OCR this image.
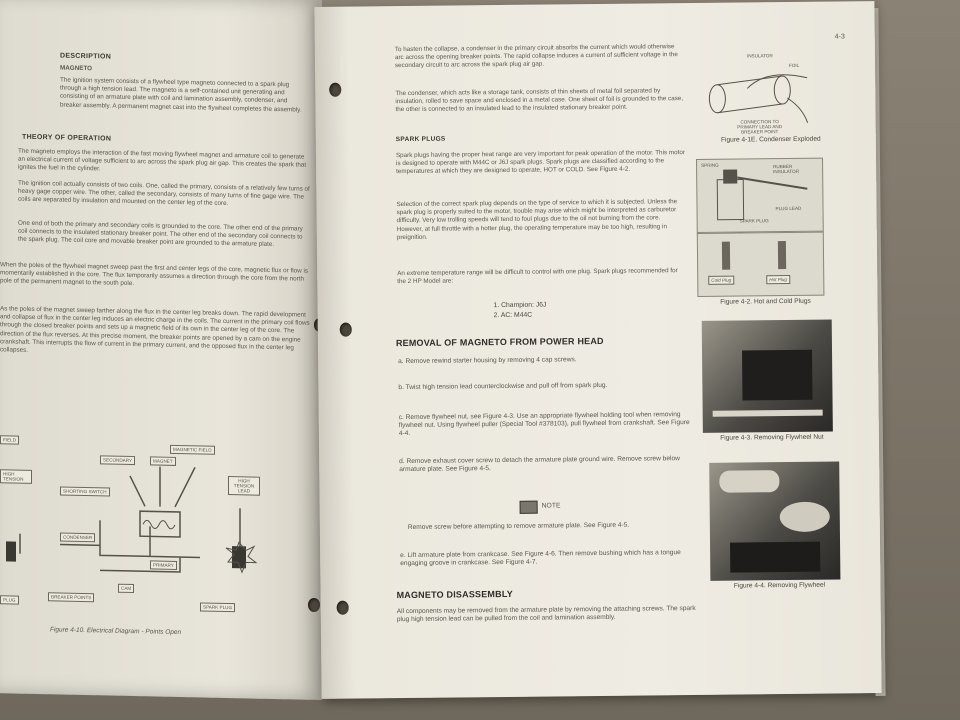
DESCRIPTION
MAGNETO
The ignition system consists of a flywheel type magneto connected to a spark plug through a high tension lead. The magneto is a self-contained unit generating and consisting of an armature plate with coil and lamination assembly, condenser, and breaker assembly. A permanent magnet cast into the flywheel completes the assembly.
THEORY OF OPERATION
The magneto employs the interaction of the fast moving flywheel magnet and armature coil to generate an electrical current of voltage sufficient to arc across the spark plug air gap. This creates the spark that ignites the fuel in the cylinder.
The ignition coil actually consists of two coils. One, called the primary, consists of a relatively few turns of heavy gage copper wire. The other, called the secondary, consists of many turns of fine gage wire. The coils are separated by insulation and mounted on the center leg of the core.
One end of both the primary and secondary coils is grounded to the core. The other end of the primary coil connects to the insulated stationary breaker point. The other end of the secondary coil connects to the spark plug. The coil core and movable breaker point are grounded to the armature plate.
When the poles of the flywheel magnet sweep past the first and center legs of the core, magnetic flux or flow is momentarily established in the core. The flux temporarily assumes a direction through the core from the north pole of the permanent magnet to the south pole.
As the poles of the magnet sweep farther along the flux in the center leg breaks down. The rapid development and collapse of flux in the center leg induces an electric charge in the coils. The current in the primary coil flows through the closed breaker points and sets up a magnetic field of its own in the center leg of the core. The direction of the flux reverses. At this precise moment, the breaker points are opened by a cam on the engine crankshaft. This interrupts the flow of current in the primary current, and the opposed flux in the center leg collapses.
FIELD
HIGH TENSION
SECONDARY	MAGNET
MAGNETIC FIELD
HIGH TENSION LEAD
SHORTING SWITCH
CONDENSER
PRIMARY
CAM
BREAKER POINTS
SPARK PLUG
PLUG
Figure 4-10. Electrical Diagram - Points Open
4-3
To hasten the collapse, a condenser in the primary circuit absorbs the current which would otherwise arc across the opening breaker points. The rapid collapse induces a current of sufficient voltage in the secondary circuit to arc across the spark plug air gap.
The condenser, which acts like a storage tank, consists of thin sheets of metal foil separated by insulation, rolled to save space and enclosed in a metal case. One sheet of foil is grounded to the case, the other is connected to an insulated lead to the insulated stationary breaker point.
SPARK PLUGS
Spark plugs having the proper heat range are very important for peak operation of the motor. This motor is designed to operate with M44C or J6J spark plugs. Spark plugs are classified according to the temperatures at which they are designed to operate, HOT or COLD. See Figure 4-2.
Selection of the correct spark plug depends on the type of service to which it is subjected. Unless the spark plug is properly suited to the motor, trouble may arise which might be interpreted as carburetor difficulty. Very low trolling speeds will tend to foul plugs due to the oil not burning from the core. However, at full throttle with a hotter plug, the operating temperature may be too high, resulting in preignition.
An extreme temperature range will be difficult to control with one plug. Spark plugs recommended for the 2 HP Model are:
1. Champion: J6J
2. AC: M44C
REMOVAL OF MAGNETO FROM POWER HEAD
a. Remove rewind starter housing by removing 4 cap screws.
b. Twist high tension lead counterclockwise and pull off from spark plug.
c. Remove flywheel nut, see Figure 4-3. Use an appropriate flywheel holding tool when removing flywheel nut. Using flywheel puller (Special Tool #378103), pull flywheel from crankshaft. See Figure 4-4.
d. Remove exhaust cover screw to detach the armature plate ground wire. Remove screw below armature plate. See Figure 4-5.
NOTE
Remove screw before attempting to remove armature plate. See Figure 4-5.
e. Lift armature plate from crankcase. See Figure 4-6. Then remove bushing which has a tongue engaging groove in crankcase. See Figure 4-7.
MAGNETO DISASSEMBLY
All components may be removed from the armature plate by removing the attaching screws. The spark plug high tension lead can be pulled from the coil and lamination assembly.
INSULATOR
FOIL
CONNECTION TO PRIMARY LEAD AND BREAKER POINT
Figure 4-1E. Condenser Exploded
SPRING	RUBBER INSULATOR
PLUG LEAD
SPARK PLUG
Cold Plug	Hot Plug
Figure 4-2. Hot and Cold Plugs
Figure 4-3. Removing Flywheel Nut
Figure 4-4. Removing Flywheel
